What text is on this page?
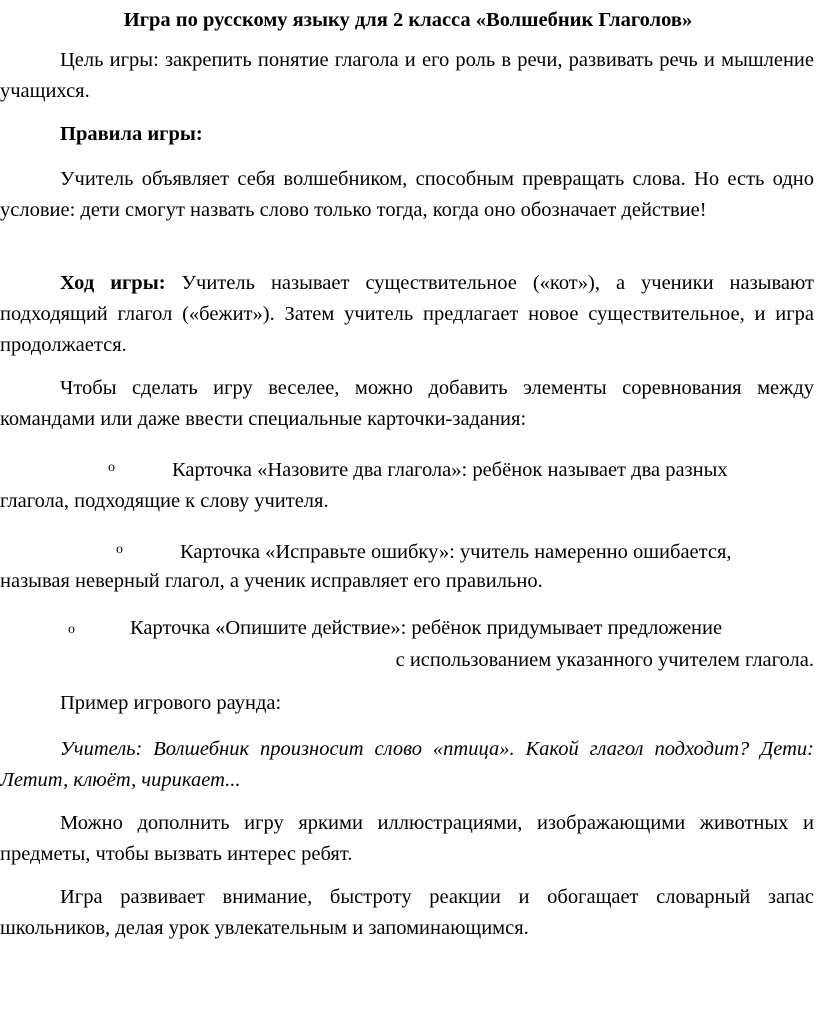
Игра по русскому языку для 2 класса «Волшебник Глаголов»

Цель игры: закрепить понятие глагола и его роль в речи, развивать речь и мышление учащихся.

Правила игры:

Учитель объявляет себя волшебником, способным превращать слова. Но есть одно условие: дети смогут назвать слово только тогда, когда оно обозначает действие!

Ход игры: Учитель называет существительное («кот»), а ученики называют подходящий глагол («бежит»). Затем учитель предлагает новое существительное, и игра продолжается.

Чтобы сделать игру веселее, можно добавить элементы соревнования между командами или даже ввести специальные карточки-задания:

o	Карточка «Назовите два глагола»: ребёнок называет два разных
глагола, подходящие к слову учителя.
o	Карточка «Исправьте ошибку»: учитель намеренно ошибается,
называя неверный глагол, а ученик исправляет его правильно.
o	Карточка «Опишите действие»: ребёнок придумывает предложение
с использованием указанного учителем глагола.

Пример игрового раунда:

Учитель: Волшебник произносит слово «птица». Какой глагол подходит? Дети: Летит, клюёт, чирикает...

Можно дополнить игру яркими иллюстрациями, изображающими животных и предметы, чтобы вызвать интерес ребят.

Игра развивает внимание, быстроту реакции и обогащает словарный запас школьников, делая урок увлекательным и запоминающимся.
